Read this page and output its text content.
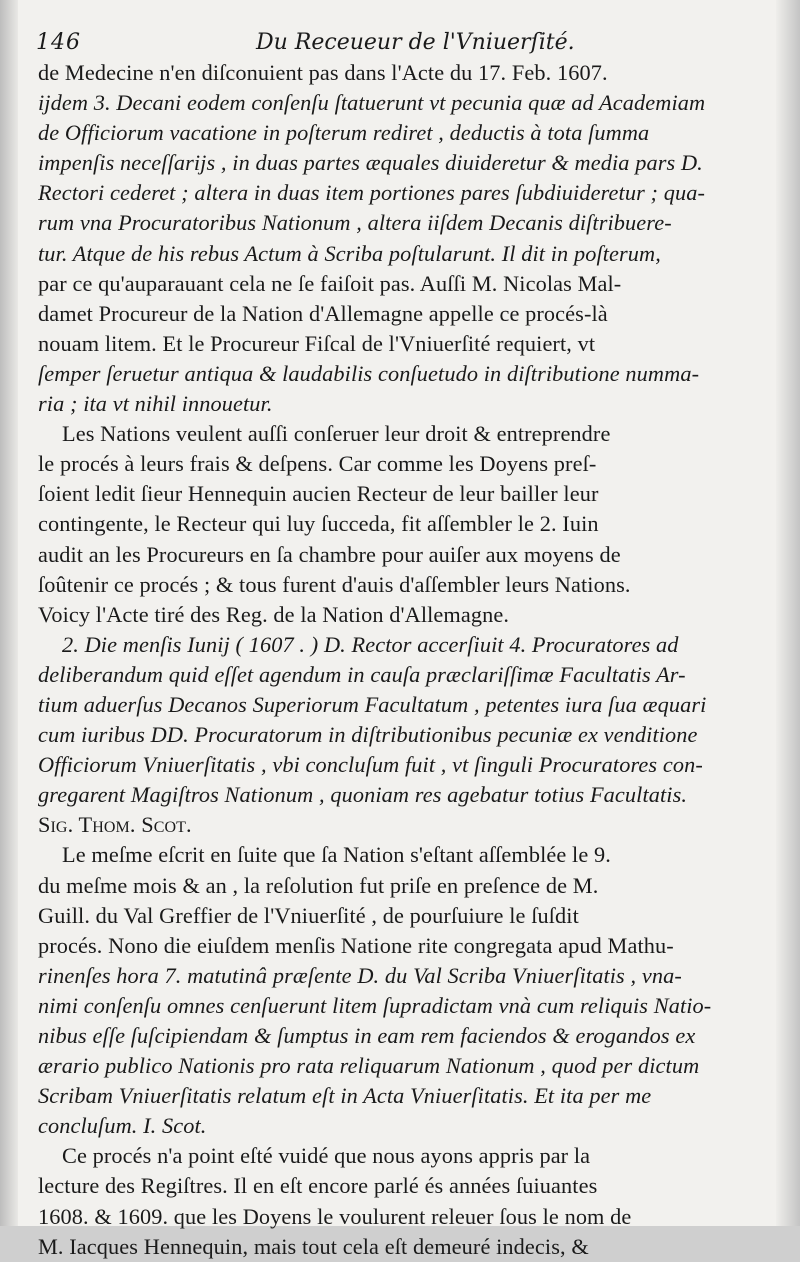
146	Du Receueur de l'Vniuerſité.
de Medecine n'en diſconuient pas dans l'Acte du 17. Feb. 1607.
ijdem 3. Decani eodem conſenſu ſtatuerunt vt pecunia quæ ad Academiam
de Officiorum vacatione in poſterum rediret , deductis à tota ſumma
impenſis neceſſarijs , in duas partes æquales diuideretur & media pars D.
Rectori cederet ; altera in duas item portiones pares ſubdiuideretur ; qua-
rum vna Procuratoribus Nationum , altera iiſdem Decanis diſtribuere-
tur. Atque de his rebus Actum à Scriba poſtularunt. Il dit in poſterum,
par ce qu'auparauant cela ne ſe faiſoit pas. Auſſi M. Nicolas Mal-
damet Procureur de la Nation d'Allemagne appelle ce procés-là
nouam litem. Et le Procureur Fiſcal de l'Vniuerſité requiert, vt
ſemper ſeruetur antiqua & laudabilis conſuetudo in diſtributione numma-
ria ; ita vt nihil innouetur.
Les Nations veulent auſſi conſeruer leur droit & entreprendre
le procés à leurs frais & deſpens. Car comme les Doyens preſ-
ſoient ledit ſieur Hennequin aucien Recteur de leur bailler leur
contingente, le Recteur qui luy ſucceda, fit aſſembler le 2. Iuin
audit an les Procureurs en ſa chambre pour auiſer aux moyens de
ſoûtenir ce procés ; & tous furent d'auis d'aſſembler leurs Nations.
Voicy l'Acte tiré des Reg. de la Nation d'Allemagne.
2. Die menſis Iunij ( 1607 . ) D. Rector accerſiuit 4. Procuratores ad
deliberandum quid eſſet agendum in cauſa præclariſſimæ Facultatis Ar-
tium aduerſus Decanos Superiorum Facultatum , petentes iura ſua æquari
cum iuribus DD. Procuratorum in diſtributionibus pecuniæ ex venditione
Officiorum Vniuerſitatis , vbi concluſum fuit , vt ſinguli Procuratores con-
gregarent Magiſtros Nationum , quoniam res agebatur totius Facultatis.
Sig. Thom. Scot.
Le meſme eſcrit en ſuite que ſa Nation s'eſtant aſſemblée le 9.
du meſme mois & an , la reſolution fut priſe en preſence de M.
Guill. du Val Greffier de l'Vniuerſité , de pourſuiure le ſuſdit
procés. Nono die eiuſdem menſis Natione rite congregata apud Mathu-
rinenſes hora 7. matutinâ præſente D. du Val Scriba Vniuerſitatis , vna-
nimi conſenſu omnes cenſuerunt litem ſupradictam vnà cum reliquis Natio-
nibus eſſe ſuſcipiendam & ſumptus in eam rem faciendos & erogandos ex
ærario publico Nationis pro rata reliquarum Nationum , quod per dictum
Scribam Vniuerſitatis relatum eſt in Acta Vniuerſitatis. Et ita per me
concluſum. I. Scot.
Ce procés n'a point eſté vuidé que nous ayons appris par la
lecture des Regiſtres. Il en eſt encore parlé és années ſuiuantes
1608. & 1609. que les Doyens le voulurent releuer ſous le nom de
M. Iacques Hennequin, mais tout cela eſt demeuré indecis, &
